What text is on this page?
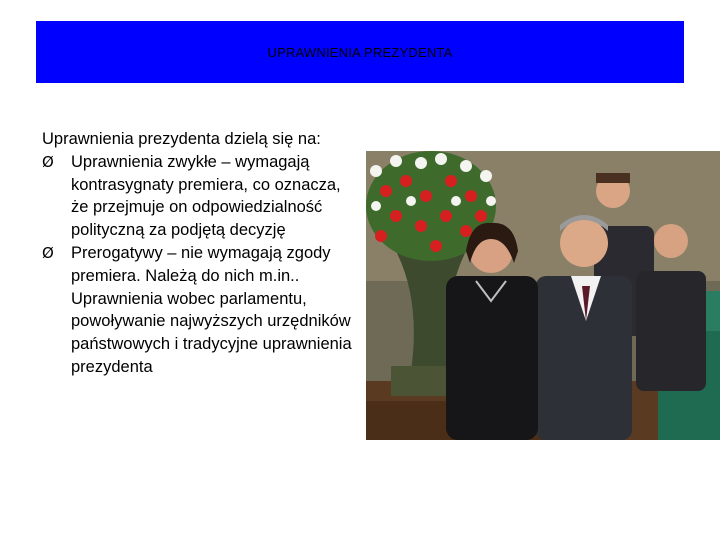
UPRAWNIENIA PREZYDENTA
Uprawnienia prezydenta dzielą się na:
Ø	Uprawnienia zwykłe – wymagają kontrasygnaty premiera, co oznacza, że przejmuje on odpowiedzialność polityczną za podjętą decyzję
Ø	Prerogatywy – nie wymagają zgody premiera. Należą do nich m.in.. Uprawnienia wobec parlamentu, powoływanie najwyższych urzędników państwowych i tradycyjne uprawnienia prezydenta
